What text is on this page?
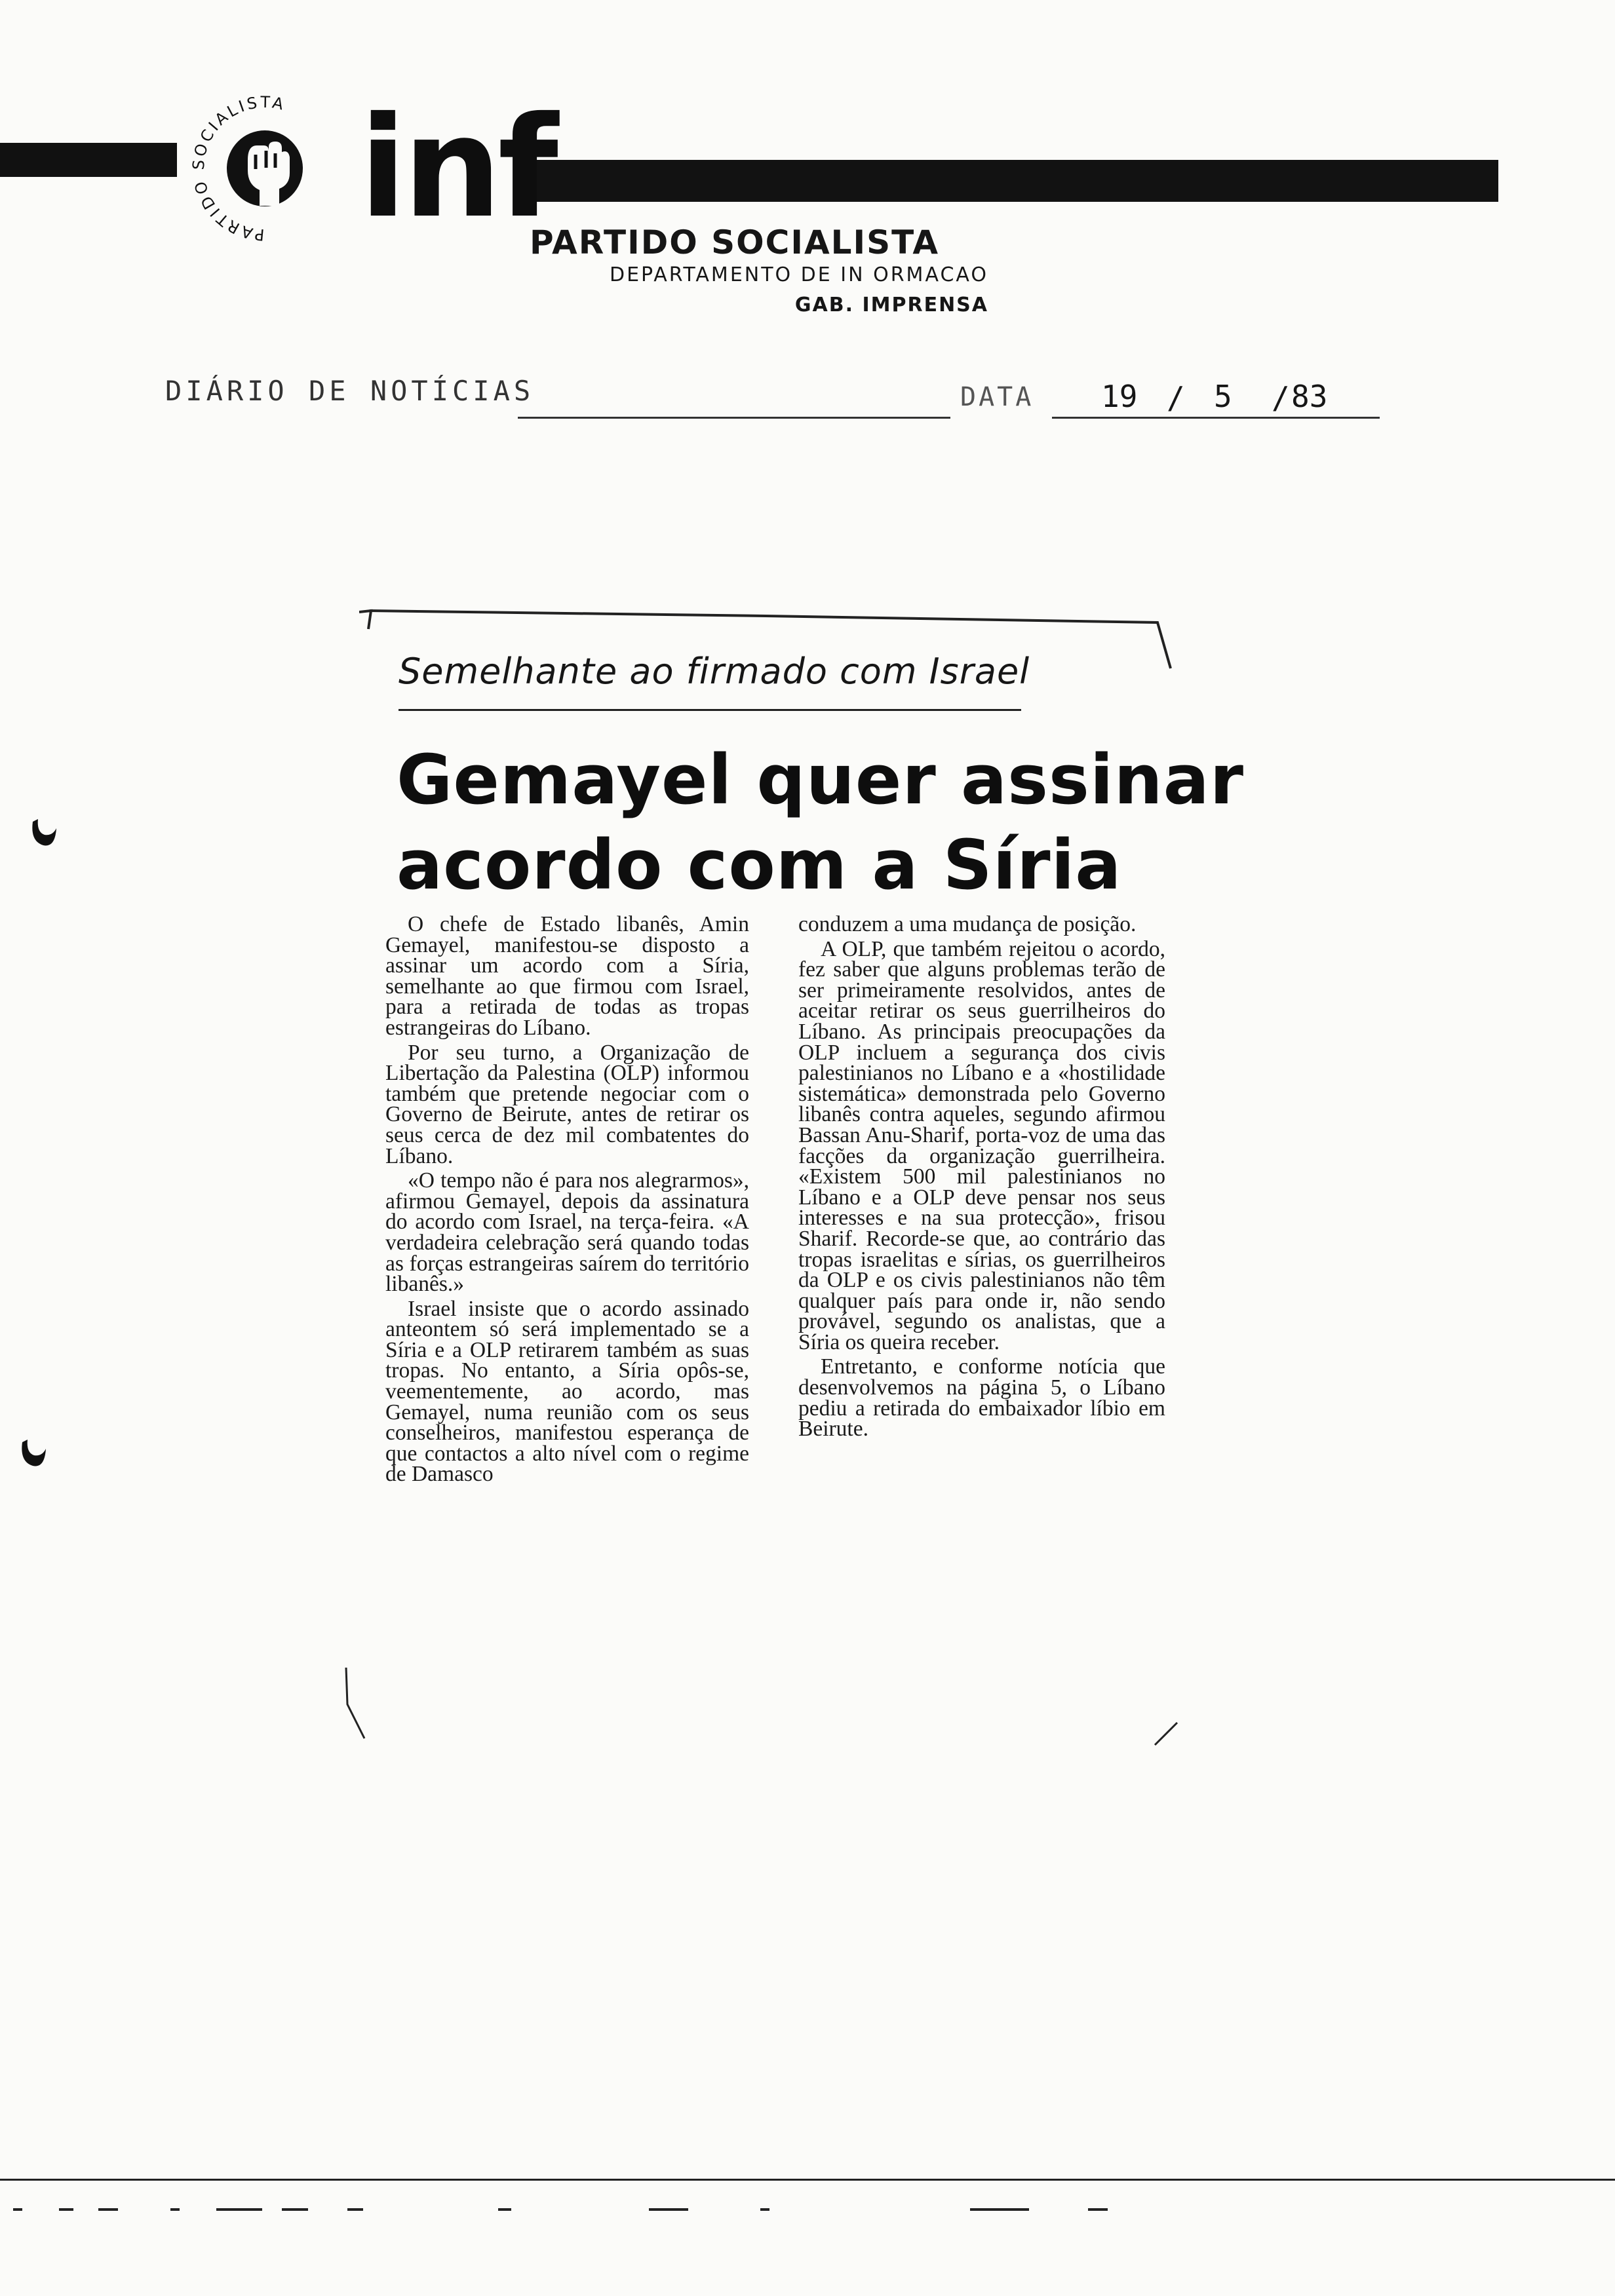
PARTIDO SOCIALISTA inf
PARTIDO SOCIALISTA
DEPARTAMENTO DE IN ORMACAO
GAB. IMPRENSA
DIÁRIO DE NOTÍCIAS	DATA 19 / 5 / 83
Semelhante ao firmado com Israel
Gemayel quer assinar
acordo com a Síria

O chefe de Estado libanês, Amin Gemayel, manifestou-se disposto a assinar um acordo com a Síria, semelhante ao que firmou com Israel, para a retirada de todas as tropas estrangeiras do Líbano.

Por seu turno, a Organização de Libertação da Palestina (OLP) informou também que pretende negociar com o Governo de Beirute, antes de retirar os seus cerca de dez mil combatentes do Líbano.

«O tempo não é para nos alegrarmos», afirmou Gemayel, depois da assinatura do acordo com Israel, na terça-feira. «A verdadeira celebração será quando todas as forças estrangeiras saírem do território libanês.»

Israel insiste que o acordo assinado anteontem só será implementado se a Síria e a OLP retirarem também as suas tropas. No entanto, a Síria opôs-se, veementemente, ao acordo, mas Gemayel, numa reunião com os seus conselheiros, manifestou esperança de que contactos a alto nível com o regime de Damasco

conduzem a uma mudança de posição.

A OLP, que também rejeitou o acordo, fez saber que alguns problemas terão de ser primeiramente resolvidos, antes de aceitar retirar os seus guerrilheiros do Líbano. As principais preocupações da OLP incluem a segurança dos civis palestinianos no Líbano e a «hostilidade sistemática» demonstrada pelo Governo libanês contra aqueles, segundo afirmou Bassan Anu-Sharif, porta-voz de uma das facções da organização guerrilheira. «Existem 500 mil palestinianos no Líbano e a OLP deve pensar nos seus interesses e na sua protecção», frisou Sharif. Recorde-se que, ao contrário das tropas israelitas e sírias, os guerrilheiros da OLP e os civis palestinianos não têm qualquer país para onde ir, não sendo provável, segundo os analistas, que a Síria os queira receber.

Entretanto, e conforme notícia que desenvolvemos na página 5, o Líbano pediu a retirada do embaixador líbio em Beirute.
